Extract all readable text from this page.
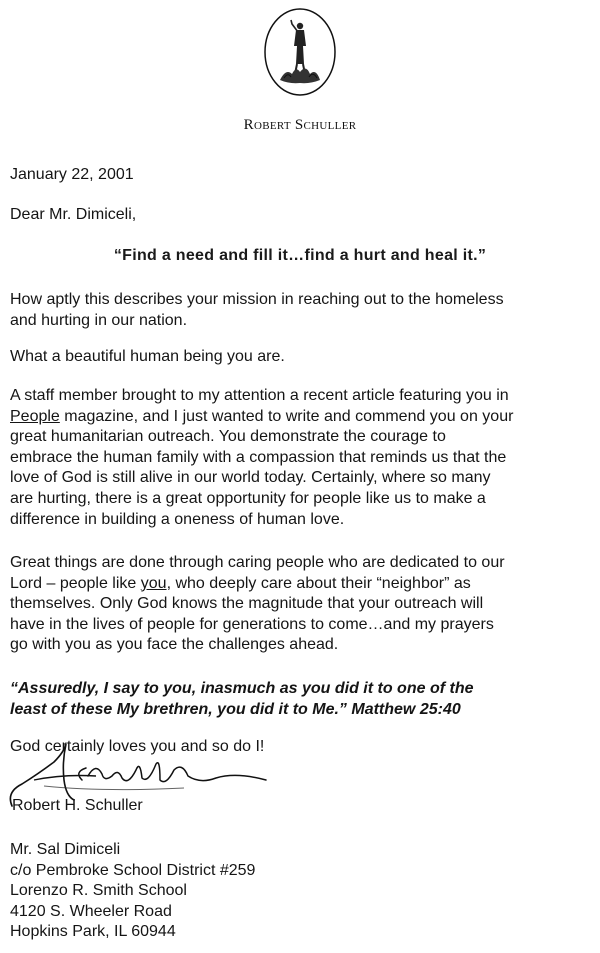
Robert Schuller
January 22, 2001
Dear Mr. Dimiceli,
“Find a need and fill it…find a hurt and heal it.”
How aptly this describes your mission in reaching out to the homeless
and hurting in our nation.
What a beautiful human being you are.
A staff member brought to my attention a recent article featuring you in
People magazine, and I just wanted to write and commend you on your
great humanitarian outreach. You demonstrate the courage to
embrace the human family with a compassion that reminds us that the
love of God is still alive in our world today. Certainly, where so many
are hurting, there is a great opportunity for people like us to make a
difference in building a oneness of human love.
Great things are done through caring people who are dedicated to our
Lord – people like you, who deeply care about their “neighbor” as
themselves. Only God knows the magnitude that your outreach will
have in the lives of people for generations to come…and my prayers
go with you as you face the challenges ahead.
“Assuredly, I say to you, inasmuch as you did it to one of the
least of these My brethren, you did it to Me.” Matthew 25:40
God certainly loves you and so do I!
Robert H. Schuller
Mr. Sal Dimiceli
c/o Pembroke School District #259
Lorenzo R. Smith School
4120 S. Wheeler Road
Hopkins Park, IL 60944
